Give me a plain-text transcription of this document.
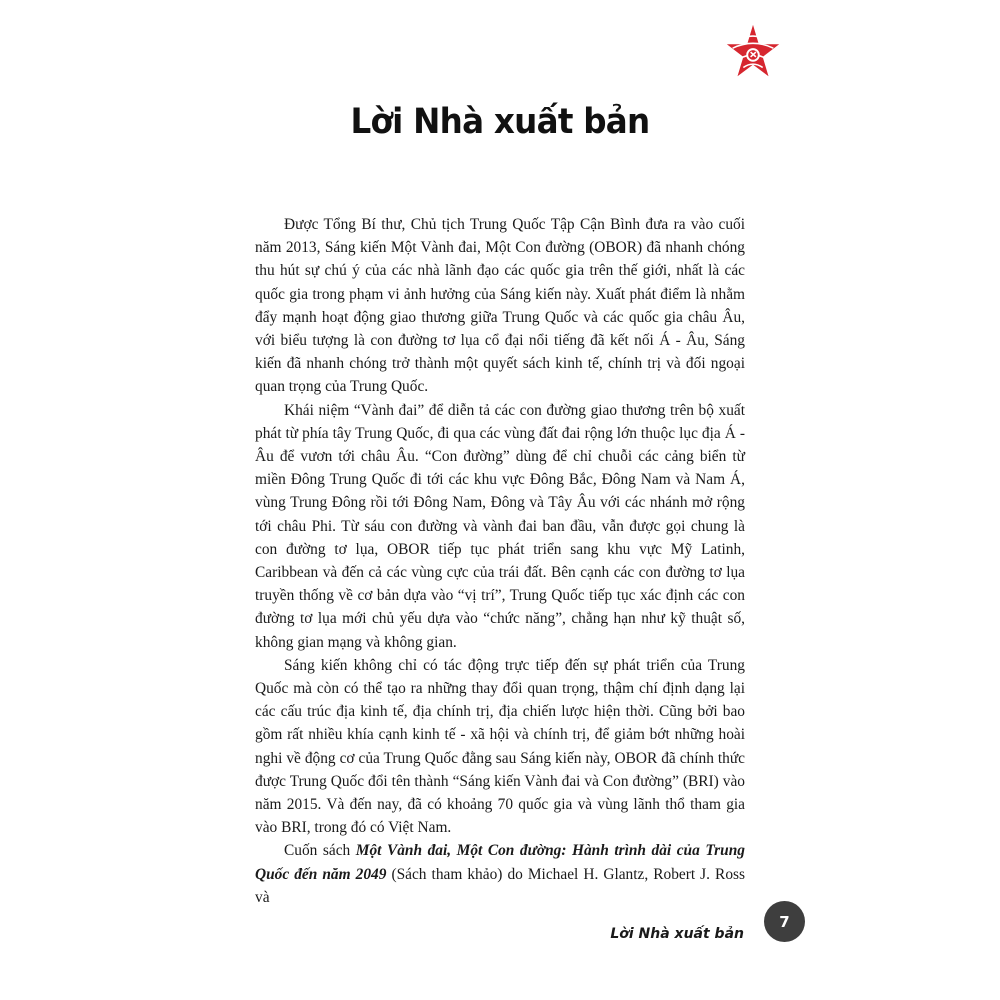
Lời Nhà xuất bản

Được Tổng Bí thư, Chủ tịch Trung Quốc Tập Cận Bình đưa ra vào cuối năm 2013, Sáng kiến Một Vành đai, Một Con đường (OBOR) đã nhanh chóng thu hút sự chú ý của các nhà lãnh đạo các quốc gia trên thế giới, nhất là các quốc gia trong phạm vi ảnh hưởng của Sáng kiến này. Xuất phát điểm là nhằm đẩy mạnh hoạt động giao thương giữa Trung Quốc và các quốc gia châu Âu, với biểu tượng là con đường tơ lụa cổ đại nổi tiếng đã kết nối Á - Âu, Sáng kiến đã nhanh chóng trở thành một quyết sách kinh tế, chính trị và đối ngoại quan trọng của Trung Quốc.

Khái niệm “Vành đai” để diễn tả các con đường giao thương trên bộ xuất phát từ phía tây Trung Quốc, đi qua các vùng đất đai rộng lớn thuộc lục địa Á - Âu để vươn tới châu Âu. “Con đường” dùng để chỉ chuỗi các cảng biển từ miền Đông Trung Quốc đi tới các khu vực Đông Bắc, Đông Nam và Nam Á, vùng Trung Đông rồi tới Đông Nam, Đông và Tây Âu với các nhánh mở rộng tới châu Phi. Từ sáu con đường và vành đai ban đầu, vẫn được gọi chung là con đường tơ lụa, OBOR tiếp tục phát triển sang khu vực Mỹ Latinh, Caribbean và đến cả các vùng cực của trái đất. Bên cạnh các con đường tơ lụa truyền thống về cơ bản dựa vào “vị trí”, Trung Quốc tiếp tục xác định các con đường tơ lụa mới chủ yếu dựa vào “chức năng”, chẳng hạn như kỹ thuật số, không gian mạng và không gian.

Sáng kiến không chỉ có tác động trực tiếp đến sự phát triển của Trung Quốc mà còn có thể tạo ra những thay đổi quan trọng, thậm chí định dạng lại các cấu trúc địa kinh tế, địa chính trị, địa chiến lược hiện thời. Cũng bởi bao gồm rất nhiều khía cạnh kinh tế - xã hội và chính trị, để giảm bớt những hoài nghi về động cơ của Trung Quốc đằng sau Sáng kiến này, OBOR đã chính thức được Trung Quốc đổi tên thành “Sáng kiến Vành đai và Con đường” (BRI) vào năm 2015. Và đến nay, đã có khoảng 70 quốc gia và vùng lãnh thổ tham gia vào BRI, trong đó có Việt Nam.

Cuốn sách Một Vành đai, Một Con đường: Hành trình dài của Trung Quốc đến năm 2049 (Sách tham khảo) do Michael H. Glantz, Robert J. Ross và

7
Lời Nhà xuất bản
